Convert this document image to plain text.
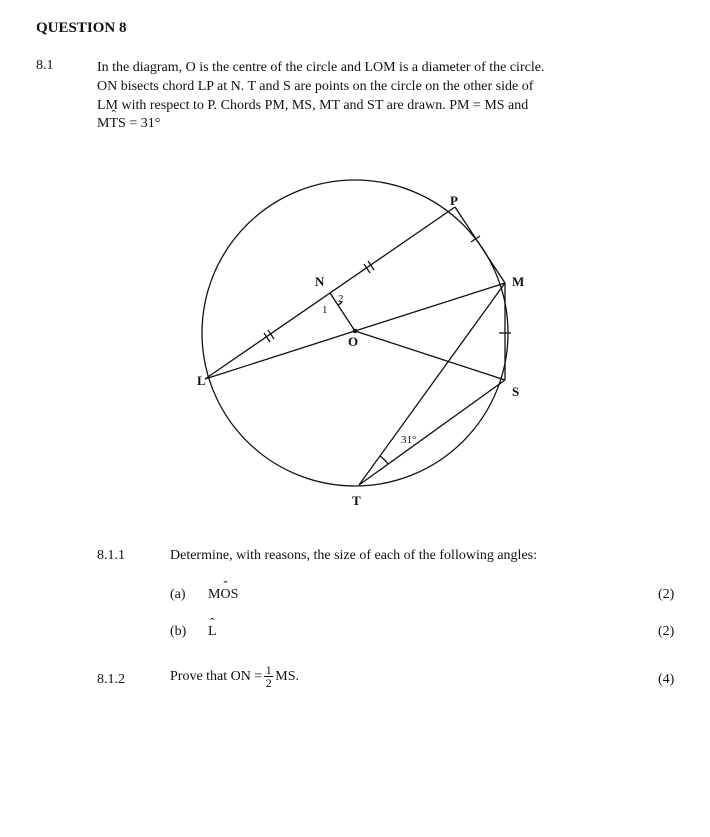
QUESTION 8
8.1	In the diagram, O is the centre of the circle and LOM is a diameter of the circle.
ON bisects chord LP at N. T and S are points on the circle on the other side of
LM with respect to P. Chords PM, MS, MT and ST are drawn. PM = MS and
Mˆ TS = 31°
P
M
N
O
L
S
T
1
2
31°
8.1.1	Determine, with reasons, the size of each of the following angles:
(a) Mˆ OS	(2)
(b)
ˆ L	(2)
8.1.2	Prove that ON = $\frac{1}{2}$ MS.	(4)
